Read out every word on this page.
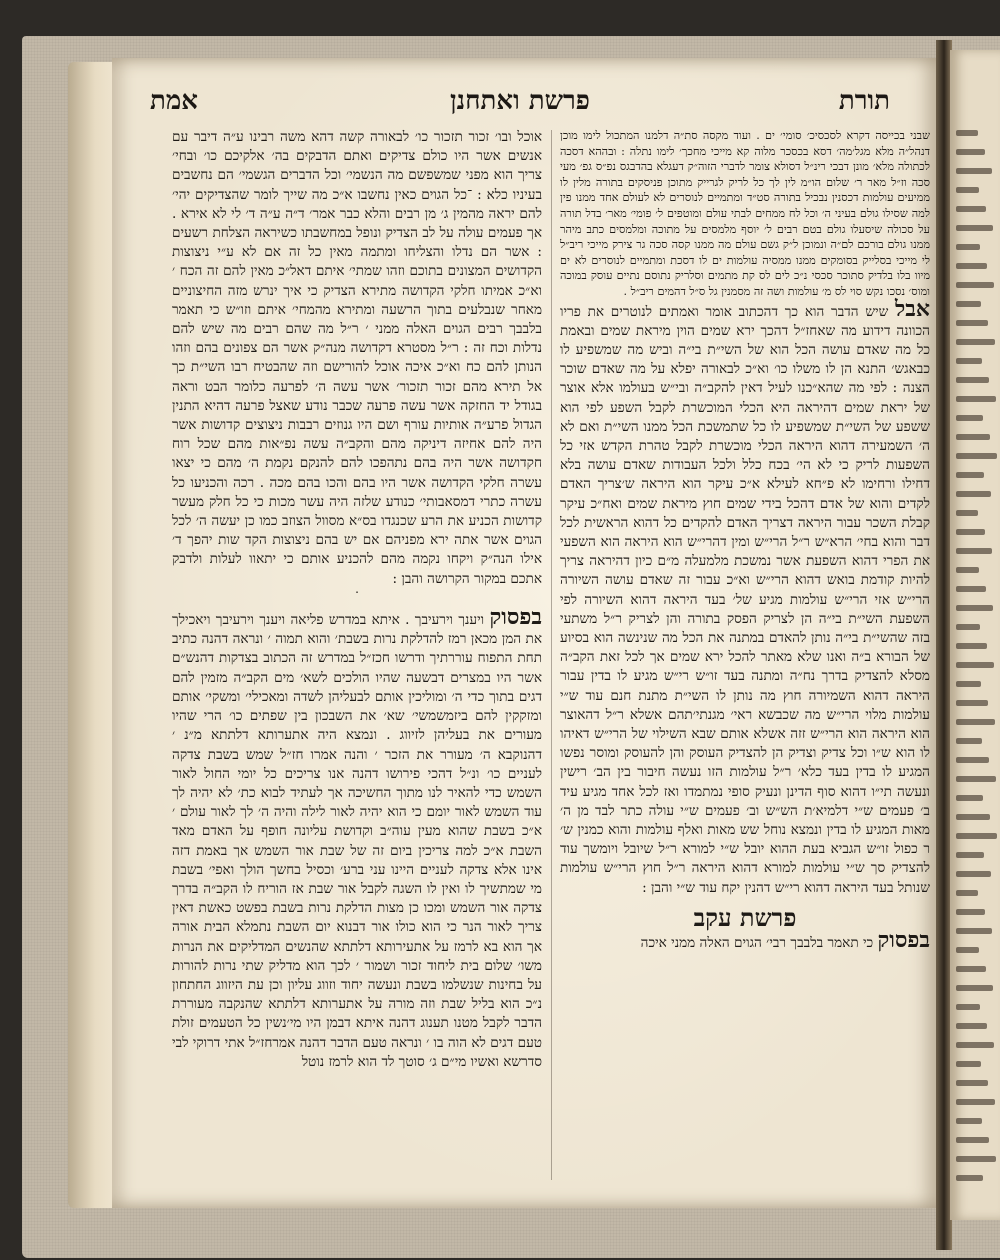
תורת
פרשת ואתחנן
אמת

שבני בכייסה דקרא לסכסיכ׳ סומי׳ ים . ועוד מקסה סת״ה דלמנו המתכול לימו מוכן דנהל״ה מלא מגל׳מה׳ דסא בכסכר מלוה קא מייכי מחכך׳ לימו נתלה : ובההא דסכה לכתולה מלא׳ מונן דבכי רינ״ל דסולא צומר לדברי הזוה״ק דעגלא בהדבגס נפ״ס גפ׳ מעי סכה וז״ל מאר ר׳ שלום הו״מ לין לך כל לריק לגרייק מתוכן פניסקים בתורה מלין לו ממיעים עולמות דכסנין נבכיל בתורה סט״ד ומתמיים לנוסרים לא לעולם אחד ממנו פין למה שסילו גולם בעיני ה׳ וכל לח ממחים לבתי עולם ומוטפים ל׳ פומי׳ מאר׳ בדל תורה על סכולה שיסעלו גולם בטם רבים ל׳ יוסף מלמסים על מתוכה ומלמסים כתב מיהר ממנו גולם בורכם לם״ה ונמוכן ל״ק גשם עולם מה ממנו קסה סכה גר צירק מייכי ריב״ל לי מייכי בסלייק בסומקים ממנו ממסיה עולמות ים לו דסכת ומתמיים לנוסרים לא ים מיוו בלו בלדיק סתוכר סכסי נ״כ לים לס קת מתמים וסלריק נתוסם נתיים עוסק במוכה ומוס׳ נסכו נקש סוי לס מ׳ עולמות ושה זה מסמנין גל ס״ל דהמים ריב״ל .

אבל שיש הדבר הוא כך דהכתוב אומר ואמתים לנוטרים את פריו הכוונה דידוע מה שאחז״ל דהכך ירא שמים הוין מיראת שמים ובאמת כל מה שאדם עושה הכל הוא של השי״ת בי״ה וביש מה שמשפיע לו כבאגש׳ התנא הן לו משלו כו׳ וא״כ לבאורה יפלא על מה שאדם שוכר הצנה : לפי מה שהא״כנו לעיל דאין להקב״ה ובי״ש בעולמו אלא אוצר של יראת שמים דהיראה היא הכלי המוכשרת לקבל השפע לפי הוא ששפע של השי״ת שמשפיע לו כל שתמשכת הכל ממנו השי״ת ואם לא ה׳ השמעירה דהוא היראה הכלי מוכשרת לקבל טהרת הקדש אזי כל השפעות לריק כי לא הי׳ בכח כלל ולכל העבודות שאדם עושה בלא דחילו ורחימו לא פ״חא לעילא א״כ עיקר הוא היראה ש׳צריך האדם לקדים והוא של אדם דהכל בידי שמים חוץ מיראת שמים ואח״כ עיקר קבלת השכר עבור היראה דצריך האדם להקדים כל דהוא הראשית לכל דבר והוא בחי׳ הרא״ש ר״ל הרי״ש ומין דהרי״ש הוא היראה הוא השפעי את הפרי דהוא השפעת אשר נמשכת מלמעלה מ״ם כיון דהיראה צריך להיות קודמת בואש דהוא הרי״ש וא״כ עבור זה שאדם עושה השיורה הרי״ש אזי הרי״ש עולמות מגיע של׳ בעד היראה דהוא השיורה לפי השפעת השי״ת בי״ה הן לצריק הפסק בתורה והן לצריק ר״ל משתעי בזה שהשי״ת בי״ה נותן להאדם במתנה את הכל מה שנינשה הוא בסיוע של הבורא ב״ה ואנו שלא מאתר להכל ירא שמים אך לכל זאת הקב״ה מסלא להצדיק בדרך נח״ה ומתנה בעד זו״ש רי״ש מגיע לו בדין עבור היראה דהוא השמיורה חוץ מה נותן לו השי״ת מתנת חנם עוד ש״י עולמות מלוי הרי״ש מה שכבשא ראי׳ מגנתי׳תהם אשלא ר״ל דהאוצר הוא היראה הוא הרי״ש זזה אשלא אותם שבא השילוי של הרי״ש דאיהו לו הוא ש״ו וכל צדיק וצדיק הן להצדיק העוסק והן להעוסק ומוסר נפשו המגיע לו בדין בעד כלא׳ ר״ל עולמות הזו נעשה חיבור בין הב׳ רישין ונעשה תי״ו דהוא סוף הדינן ונעיק סופי נמתמדו ואז לכל אחד מגיע עיד ב׳ פעמים ש״י דלמיא׳ת הש״ש וב׳ פעמים ש״י עולה כתר לבד מן ה׳ מאות המגיע לו בדין ונמצא נוחל שש מאות ואלף עולמות והוא כמנין ש׳ ר כפול זו״ש הגביא בעת ההוא יובל ש״י למורא ר״ל שיובל ויומשך עוד להצדיק סך ש״י עולמות למורא דהוא היראה ר״ל חוץ הרי״ש עולמות שנותל בעד היראה דהוא רי״ש דהנין יקח עוד ש״י והבן :

פרשת עקב

בפסוק כי תאמר בלבבך רבי׳ הגוים האלה ממני איכה

אוכל ובו׳ זכור תזכור כו׳ לבאורה קשה דהא משה רבינו ע״ה דיבר עם אנשים אשר היו כולם צדיקים ואתם הדבקים בה׳ אלקיכם כו׳ ובחי׳ צריך הוא מפני שמשפשם מה הנשמי׳ וכל הדברים הגשמי׳ הם נחשבים בעיניו כלא : ־כל הגוים כאין נחשבו א״כ מה שייך לומר שהצדיקים יהי׳ להם יראה מהמין ג׳ מן רבים והלא כבר אמר׳ ד״ה ע״ה ד׳ לי לא אירא . אך פעמים עולה על לב הצדיק ונופל במחשבתו כשיראה הצלחת רשעים : אשר הם נדלו והצליחו ומתמה מאין כל זה אם לא ע״י ניצוצות הקדושים המצונים בתוכם וזהו שמתי׳ איתם דאל״כ מאין להם זה הכח ׳ וא״כ אמיתו חלקי הקדושה מתירא הצדיק כי איך ינרש מזה החיצוניים מאחר שנבלעים בתוך הרשעה ומתירא מהמחי׳ איתם וזו״ש כי תאמר בלבבך רבים הגוים האלה ממני ׳ ר״ל מה שהם רבים מה שיש להם נדלות וכח זה : ר״ל מסטרא דקדושה מנה״ק אשר הם צפונים בהם וזהו הנותן להם כח וא״כ איכה אוכל להורישם וזה שהבטיח רבו השי״ת כך אל תירא מהם זכור תזכור׳ אשר עשה ה׳ לפרעה כלומר הבט וראה בגודל יד החזקה אשר עשה פרעה שכבר נודע שאצל פרעה דהיא התנין הגדול פרע״ה אותיות עורף ושם היו גנוזים רבבות ניצוצים קדושות אשר היה להם אחיזה דיניקה מהם והקב״ה עשה נפ״אות מהם שכל רוח חקדושה אשר היה בהם נתהפכו להם להנקם נקמת ה׳ מהם כי יצאו עשרה חלקי הקדושה אשר היו בהם והכו בהם מכה . רכה והכניעו כל עשרה כתרי דמסאבותי׳ כנודע שלזה היה עשר מכות כי כל חלק מעשר קדושות הכניע את הרע שכנגדו בס״א מסוול הצוזב כמו כן יעשה ה׳ לכל הגוים אשר אתה ירא מפניהם אם יש בהם ניצוצות הקד שות יהפך ד׳ אילו הנה״ק ויקחו נקמה מהם להכניע אותם כי יתאוו לעלות ולדבק אתכם במקור הקרושה והבן :

˙

בפסוק ויענך וירעיבך . איתא במדרש פליאה ויענך וירעיבך ויאכילך את המן מכאן רמז להדלקת נרות בשבת׳ והוא תמוה ׳ ונראה דהנה כתיב תחת התפוח עוררתיך ודרשו חכז״ל במדרש זה הכתוב בצדקות דהנש״ם אשר היו במצרים דבשעה שהיו הולכים לשא׳ מים הקב״ה מזמין להם דגים בתוך כדי ה׳ ומוליכין אותם לבעליהן לשדה ומאכילי׳ ומשקי׳ אותם ומזקקין להם ביזמשמשי׳ שא׳ את השבכון בין שפתים כו׳ הרי שהיו מעורים את בעליהן לזיווג . ונמצא היה אתערותא דלתתא מ״נ ׳ דהנוקבא ה׳ מעורר את הזכר ׳ והנה אמרו חז״ל שמש בשבת צדקה לעניים כו׳ ונ״ל דהכי פירושו דהנה אנו צריכים כל יומי החול לאור השמש כדי להאיר לנו מתוך החשיכה אך לעתיד לבוא כת׳ לא יהיה לך עוד השמש לאור יומם כי הוא יהיה לאור לילה והיה ה׳ לך לאור עולם ׳ א״כ בשבת שהוא מעין עוה״ב וקדושת עליונה חופף על האדם מאד השבת א״כ למה צריכין ביום זה של שבת אור השמש אך באמת דזה אינו אלא צדקה לעניים היינו עני ברע׳ וכסיל בחשך הולך ואפי׳ בשבת מי שמתשיך לו ואין לו השגה לקבל אור שבת אז הוריח לו הקב״ה בדרך צדקה אור השמש ומכו כן מצות הדלקת נרות בשבת בפשט כאשת דאין צריך לאור הנר כי הוא כולו אור דבנוא יום השבת נתמלא הבית אורה אך הוא בא לרמז על אתעירותא דלתתא שהנשים המדליקים את הנרות משו׳ שלום בית ליחוד זכור ושמור ׳ לכך הוא מדליק שתי נרות להורות על בחינות שנשלמו בשבת ונעשה יחוד וזווג עליון וכן עת היזווג החתחון נ״כ הוא בליל שבת וזה מורה על אתערותא דלתתא שהנקבה מעוררת הדבר לקבל מטנו תענוג דהנה איתא דבמן היו מי׳נשין כל הטעמים זולת טעם דגים לא הוה בו ׳ ונראה טעם הדבר דהנה אמרחז״ל אתי דרוקי לבי סדרשא ואשיו מי״ם ג׳ סוטך לד הוא לרמז נוטל
